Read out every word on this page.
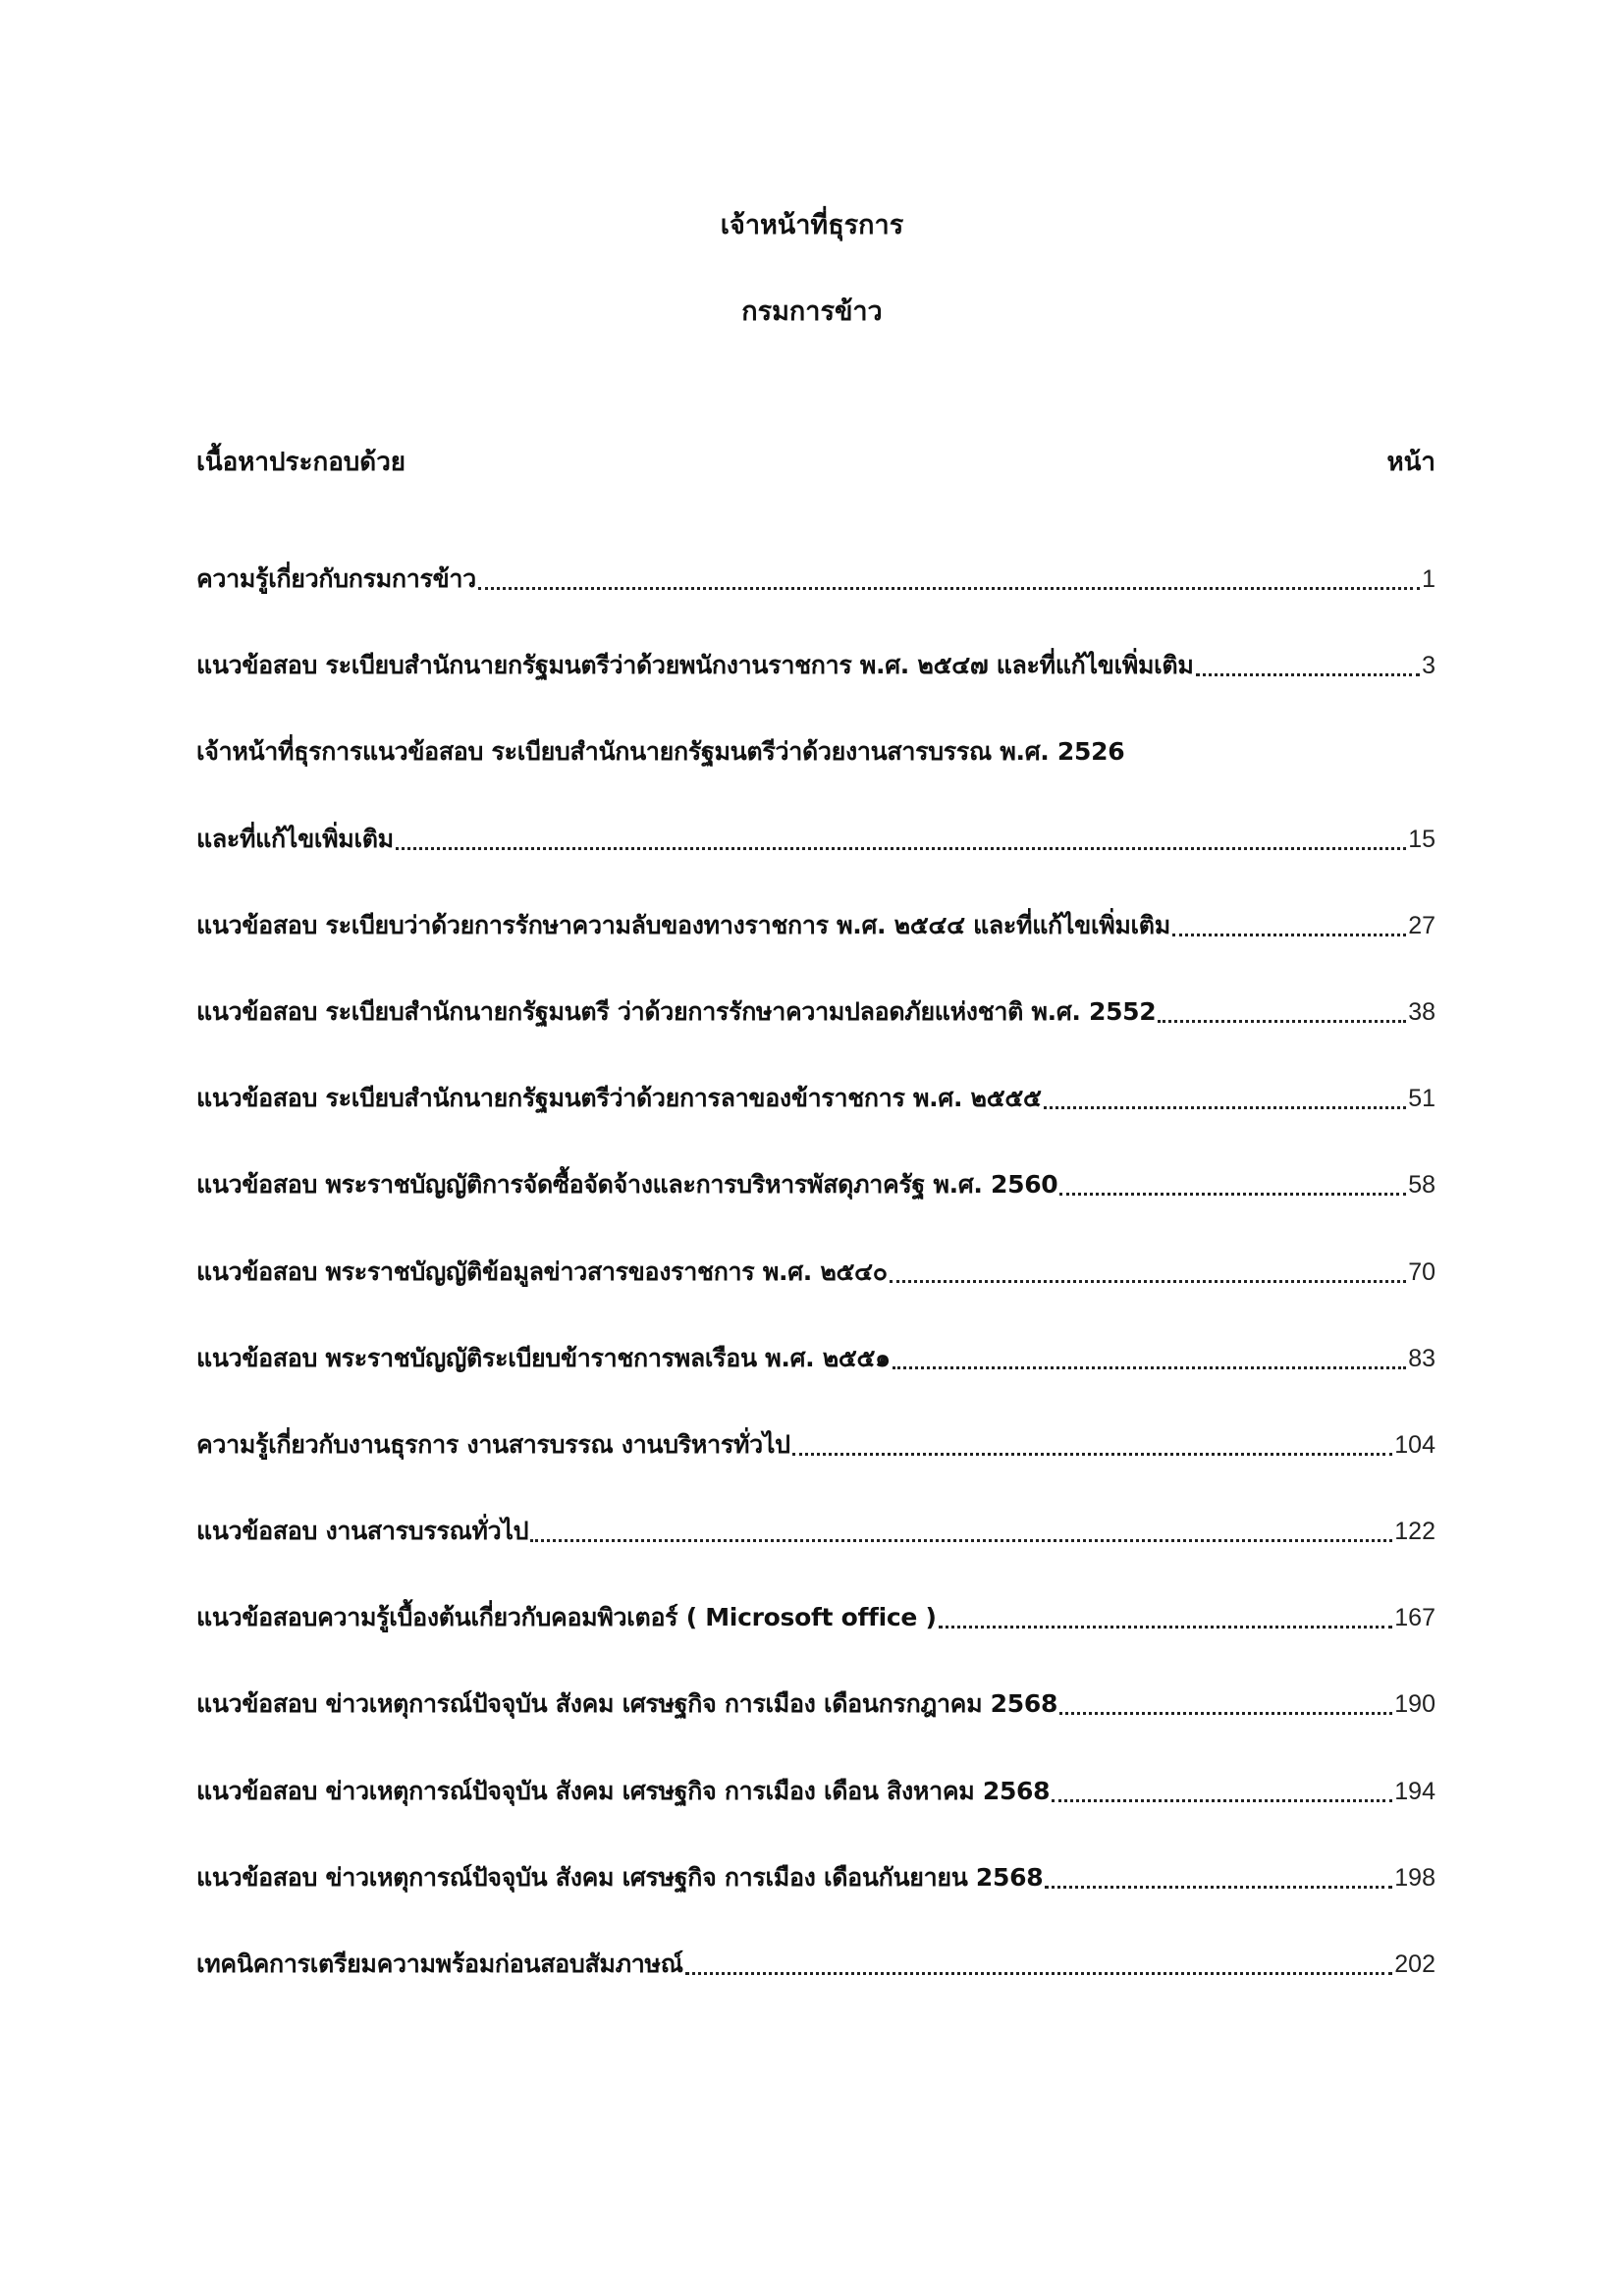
เจ้าหน้าที่ธุรการ
กรมการข้าว
เนื้อหาประกอบด้วย	หน้า
ความรู้เกี่ยวกับกรมการข้าว	1
แนวข้อสอบ ระเบียบสำนักนายกรัฐมนตรีว่าด้วยพนักงานราชการ พ.ศ. ๒๕๔๗ และที่แก้ไขเพิ่มเติม	3
เจ้าหน้าที่ธุรการแนวข้อสอบ ระเบียบสำนักนายกรัฐมนตรีว่าด้วยงานสารบรรณ พ.ศ. 2526
และที่แก้ไขเพิ่มเติม	15
แนวข้อสอบ ระเบียบว่าด้วยการรักษาความลับของทางราชการ พ.ศ. ๒๕๔๔ และที่แก้ไขเพิ่มเติม	27
แนวข้อสอบ ระเบียบสำนักนายกรัฐมนตรี ว่าด้วยการรักษาความปลอดภัยแห่งชาติ พ.ศ. 2552	38
แนวข้อสอบ ระเบียบสำนักนายกรัฐมนตรีว่าด้วยการลาของข้าราชการ พ.ศ. ๒๕๕๕	51
แนวข้อสอบ พระราชบัญญัติการจัดซื้อจัดจ้างและการบริหารพัสดุภาครัฐ พ.ศ. 2560	58
แนวข้อสอบ พระราชบัญญัติข้อมูลข่าวสารของราชการ พ.ศ. ๒๕๔๐	70
แนวข้อสอบ พระราชบัญญัติระเบียบข้าราชการพลเรือน พ.ศ. ๒๕๕๑	83
ความรู้เกี่ยวกับงานธุรการ งานสารบรรณ งานบริหารทั่วไป	104
แนวข้อสอบ งานสารบรรณทั่วไป	122
แนวข้อสอบความรู้เบื้องต้นเกี่ยวกับคอมพิวเตอร์ ( Microsoft office )	167
แนวข้อสอบ ข่าวเหตุการณ์ปัจจุบัน สังคม เศรษฐกิจ การเมือง เดือนกรกฎาคม 2568	190
แนวข้อสอบ ข่าวเหตุการณ์ปัจจุบัน สังคม เศรษฐกิจ การเมือง เดือน สิงหาคม 2568	194
แนวข้อสอบ ข่าวเหตุการณ์ปัจจุบัน สังคม เศรษฐกิจ การเมือง เดือนกันยายน 2568	198
เทคนิคการเตรียมความพร้อมก่อนสอบสัมภาษณ์	202
